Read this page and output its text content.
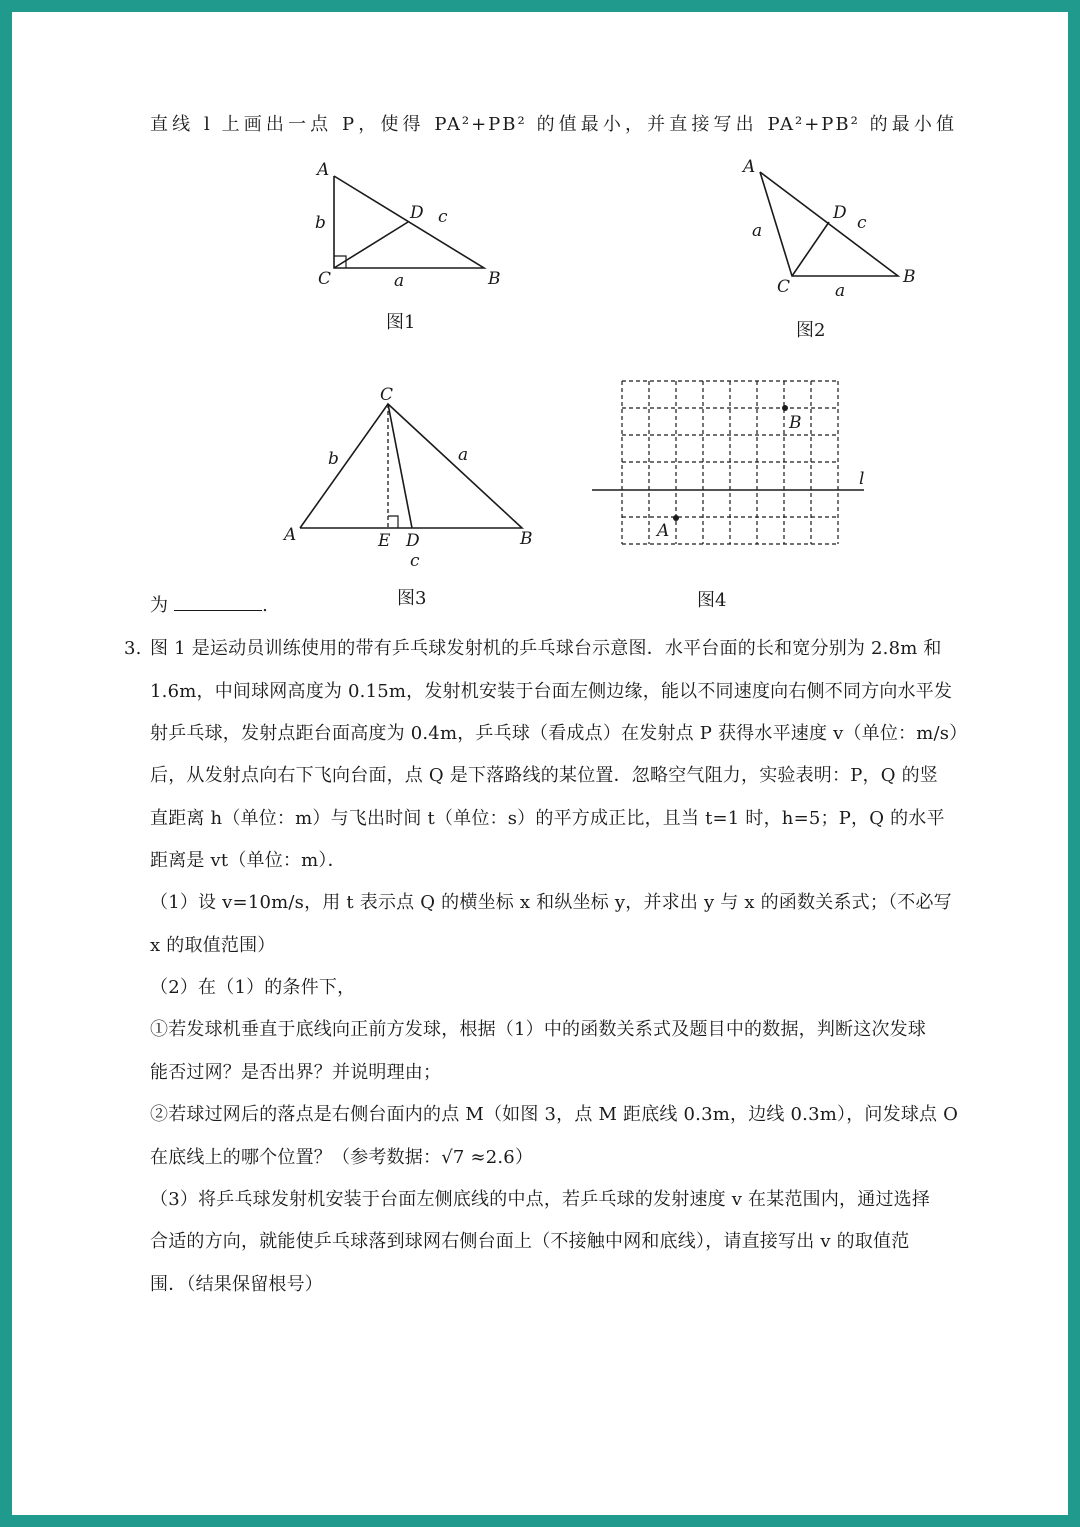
直线 l 上画出一点 P，使得 PA²+PB² 的值最小，并直接写出 PA²+PB² 的最小值
A
b	D c
C	a	B
图1
A
a
D c
C	a
B
图2
C
b	a
A	E D
c
B
图3
B
A
l
图4
为	.
3. 图 1 是运动员训练使用的带有乒乓球发射机的乒乓球台示意图．水平台面的长和宽分别为 2.8m 和
1.6m，中间球网高度为 0.15m，发射机安装于台面左侧边缘，能以不同速度向右侧不同方向水平发
射乒乓球，发射点距台面高度为 0.4m，乒乓球（看成点）在发射点 P 获得水平速度 v（单位：m/s）
后，从发射点向右下飞向台面，点 Q 是下落路线的某位置．忽略空气阻力，实验表明：P，Q 的竖
直距离 h（单位：m）与飞出时间 t（单位：s）的平方成正比，且当 t=1 时，h=5；P，Q 的水平
距离是 vt（单位：m）．
（1）设 v=10m/s，用 t 表示点 Q 的横坐标 x 和纵坐标 y，并求出 y 与 x 的函数关系式；（不必写
x 的取值范围）
（2）在（1）的条件下，
①若发球机垂直于底线向正前方发球，根据（1）中的函数关系式及题目中的数据，判断这次发球
能否过网？是否出界？并说明理由；
②若球过网后的落点是右侧台面内的点 M（如图 3，点 M 距底线 0.3m，边线 0.3m），问发球点 O
在底线上的哪个位置？（参考数据：√7 ≈2.6）
（3）将乒乓球发射机安装于台面左侧底线的中点，若乒乓球的发射速度 v 在某范围内，通过选择
合适的方向，就能使乒乓球落到球网右侧台面上（不接触中网和底线），请直接写出 v 的取值范
围．（结果保留根号）
